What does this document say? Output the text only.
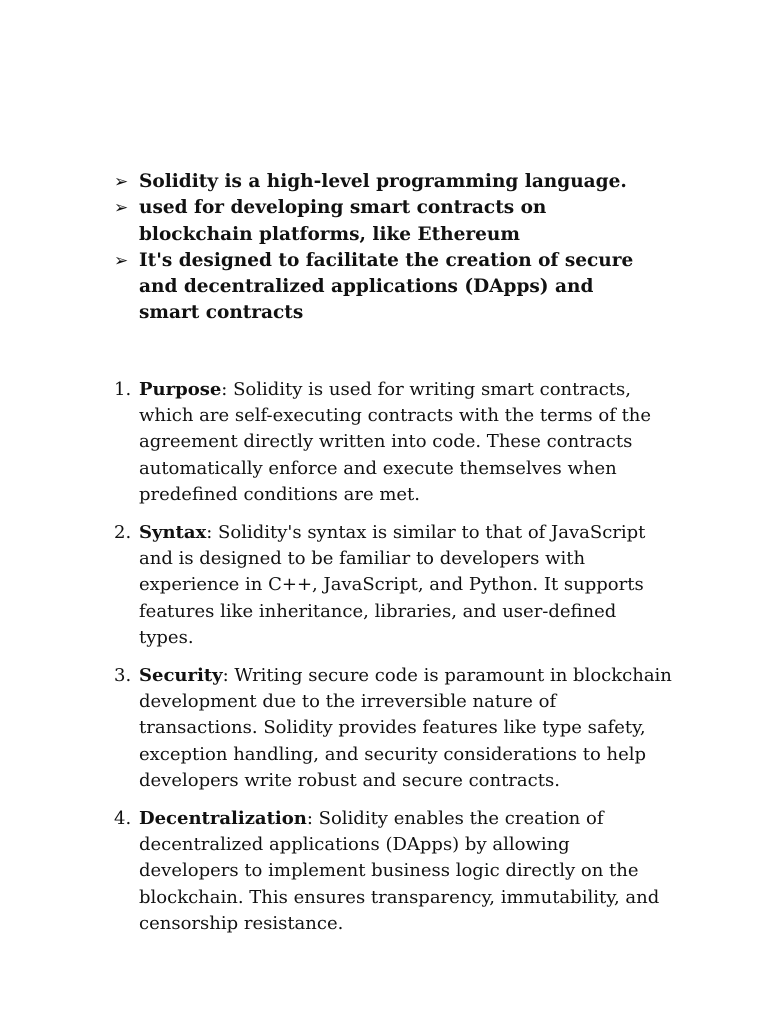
➢ Solidity is a high-level programming language.
➢ used for developing smart contracts on blockchain platforms, like Ethereum
➢ It's designed to facilitate the creation of secure and decentralized applications (DApps) and smart contracts
1. Purpose: Solidity is used for writing smart contracts, which are self-executing contracts with the terms of the agreement directly written into code. These contracts automatically enforce and execute themselves when predefined conditions are met.
2. Syntax: Solidity's syntax is similar to that of JavaScript and is designed to be familiar to developers with experience in C++, JavaScript, and Python. It supports features like inheritance, libraries, and user-defined types.
3. Security: Writing secure code is paramount in blockchain development due to the irreversible nature of transactions. Solidity provides features like type safety, exception handling, and security considerations to help developers write robust and secure contracts.
4. Decentralization: Solidity enables the creation of decentralized applications (DApps) by allowing developers to implement business logic directly on the blockchain. This ensures transparency, immutability, and censorship resistance.
